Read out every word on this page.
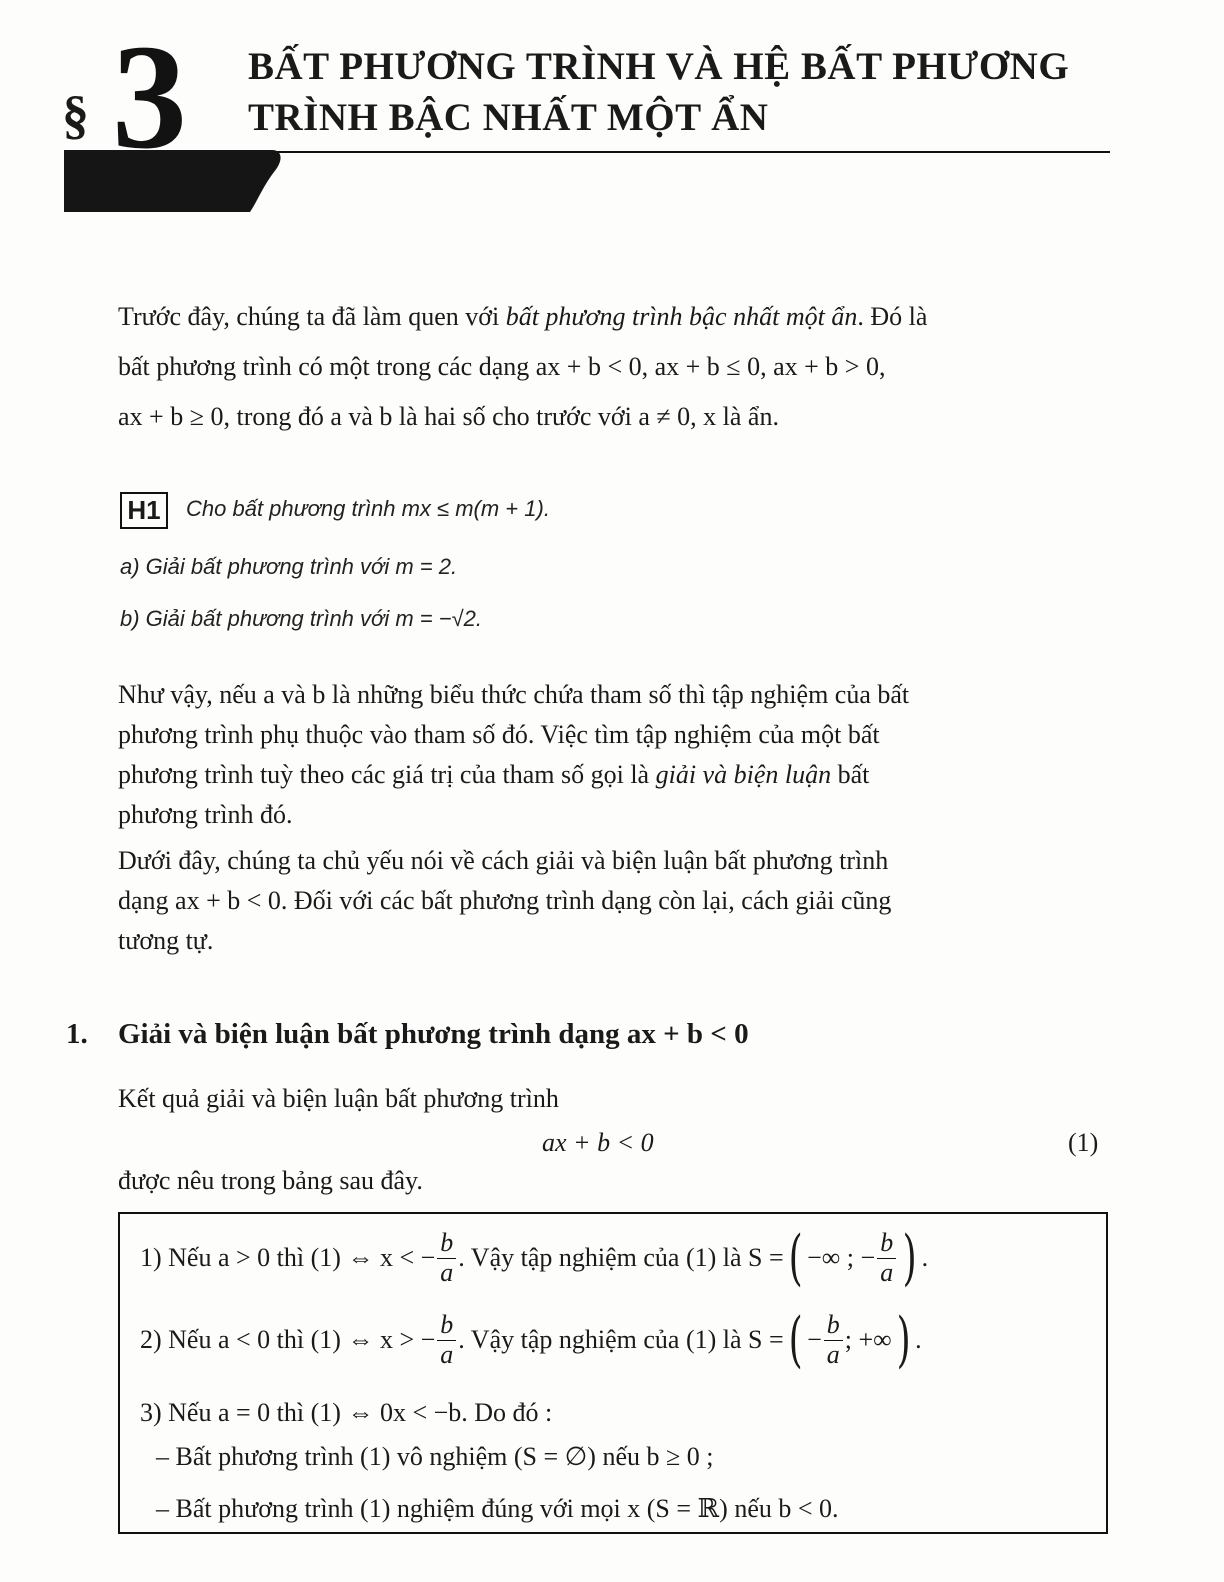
§ 3 BẤT PHƯƠNG TRÌNH VÀ HỆ BẤT PHƯƠNG
TRÌNH BẬC NHẤT MỘT ẨN
Trước đây, chúng ta đã làm quen với bất phương trình bậc nhất một ẩn. Đó là
bất phương trình có một trong các dạng ax + b < 0, ax + b ≤ 0, ax + b > 0,
ax + b ≥ 0, trong đó a và b là hai số cho trước với a ≠ 0, x là ẩn.
H1	Cho bất phương trình mx ≤ m(m + 1).
a) Giải bất phương trình với m = 2.
b) Giải bất phương trình với m = −√2.
Như vậy, nếu a và b là những biểu thức chứa tham số thì tập nghiệm của bất
phương trình phụ thuộc vào tham số đó. Việc tìm tập nghiệm của một bất
phương trình tuỳ theo các giá trị của tham số gọi là giải và biện luận bất
phương trình đó.
Dưới đây, chúng ta chủ yếu nói về cách giải và biện luận bất phương trình
dạng ax + b < 0. Đối với các bất phương trình dạng còn lại, cách giải cũng
tương tự.
1. Giải và biện luận bất phương trình dạng ax + b < 0
Kết quả giải và biện luận bất phương trình
ax + b < 0	(1)
được nêu trong bảng sau đây.
1) Nếu a > 0 thì (1) ⇔ x < − $\frac{b}{a}$ . Vậy tập nghiệm của (1) là S = ( −∞ ; − $\frac{b}{a}$ ) .
2) Nếu a < 0 thì (1) ⇔ x > − $\frac{b}{a}$ . Vậy tập nghiệm của (1) là S = ( − $\frac{b}{a}$ ; +∞ ) .
3) Nếu a = 0 thì (1) ⇔ 0x < −b. Do đó :
– Bất phương trình (1) vô nghiệm (S = ∅) nếu b ≥ 0 ;
– Bất phương trình (1) nghiệm đúng với mọi x (S = ℝ) nếu b < 0.
